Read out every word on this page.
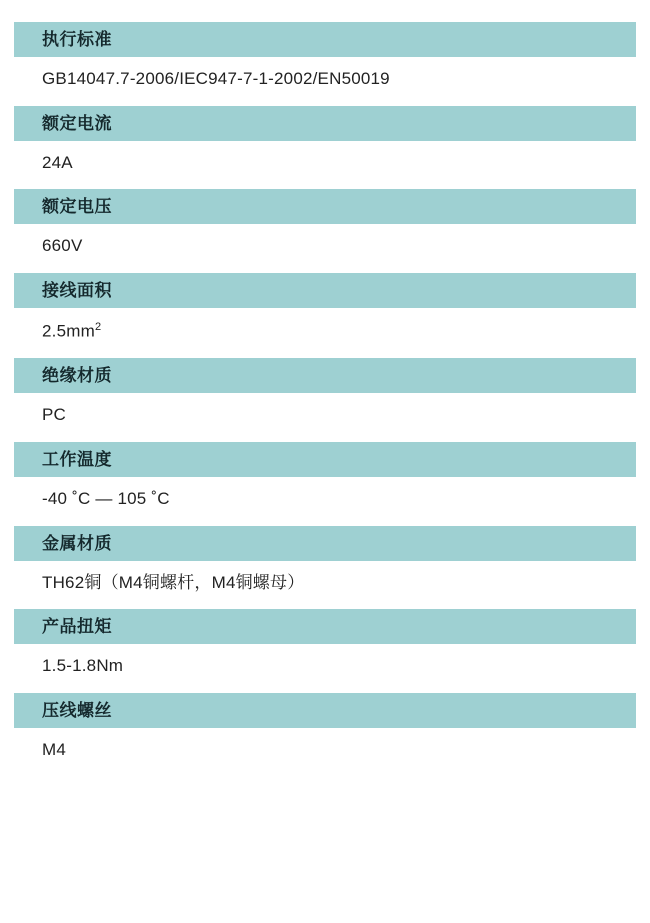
执行标准
GB14047.7-2006/IEC947-7-1-2002/EN50019
额定电流
24A
额定电压
660V
接线面积
$2.5mm^2$
绝缘材质
PC
工作温度
-40 ˚C — 105 ˚C
金属材质
TH62铜（M4铜螺杆，M4铜螺母）
产品扭矩
1.5-1.8Nm
压线螺丝
M4
